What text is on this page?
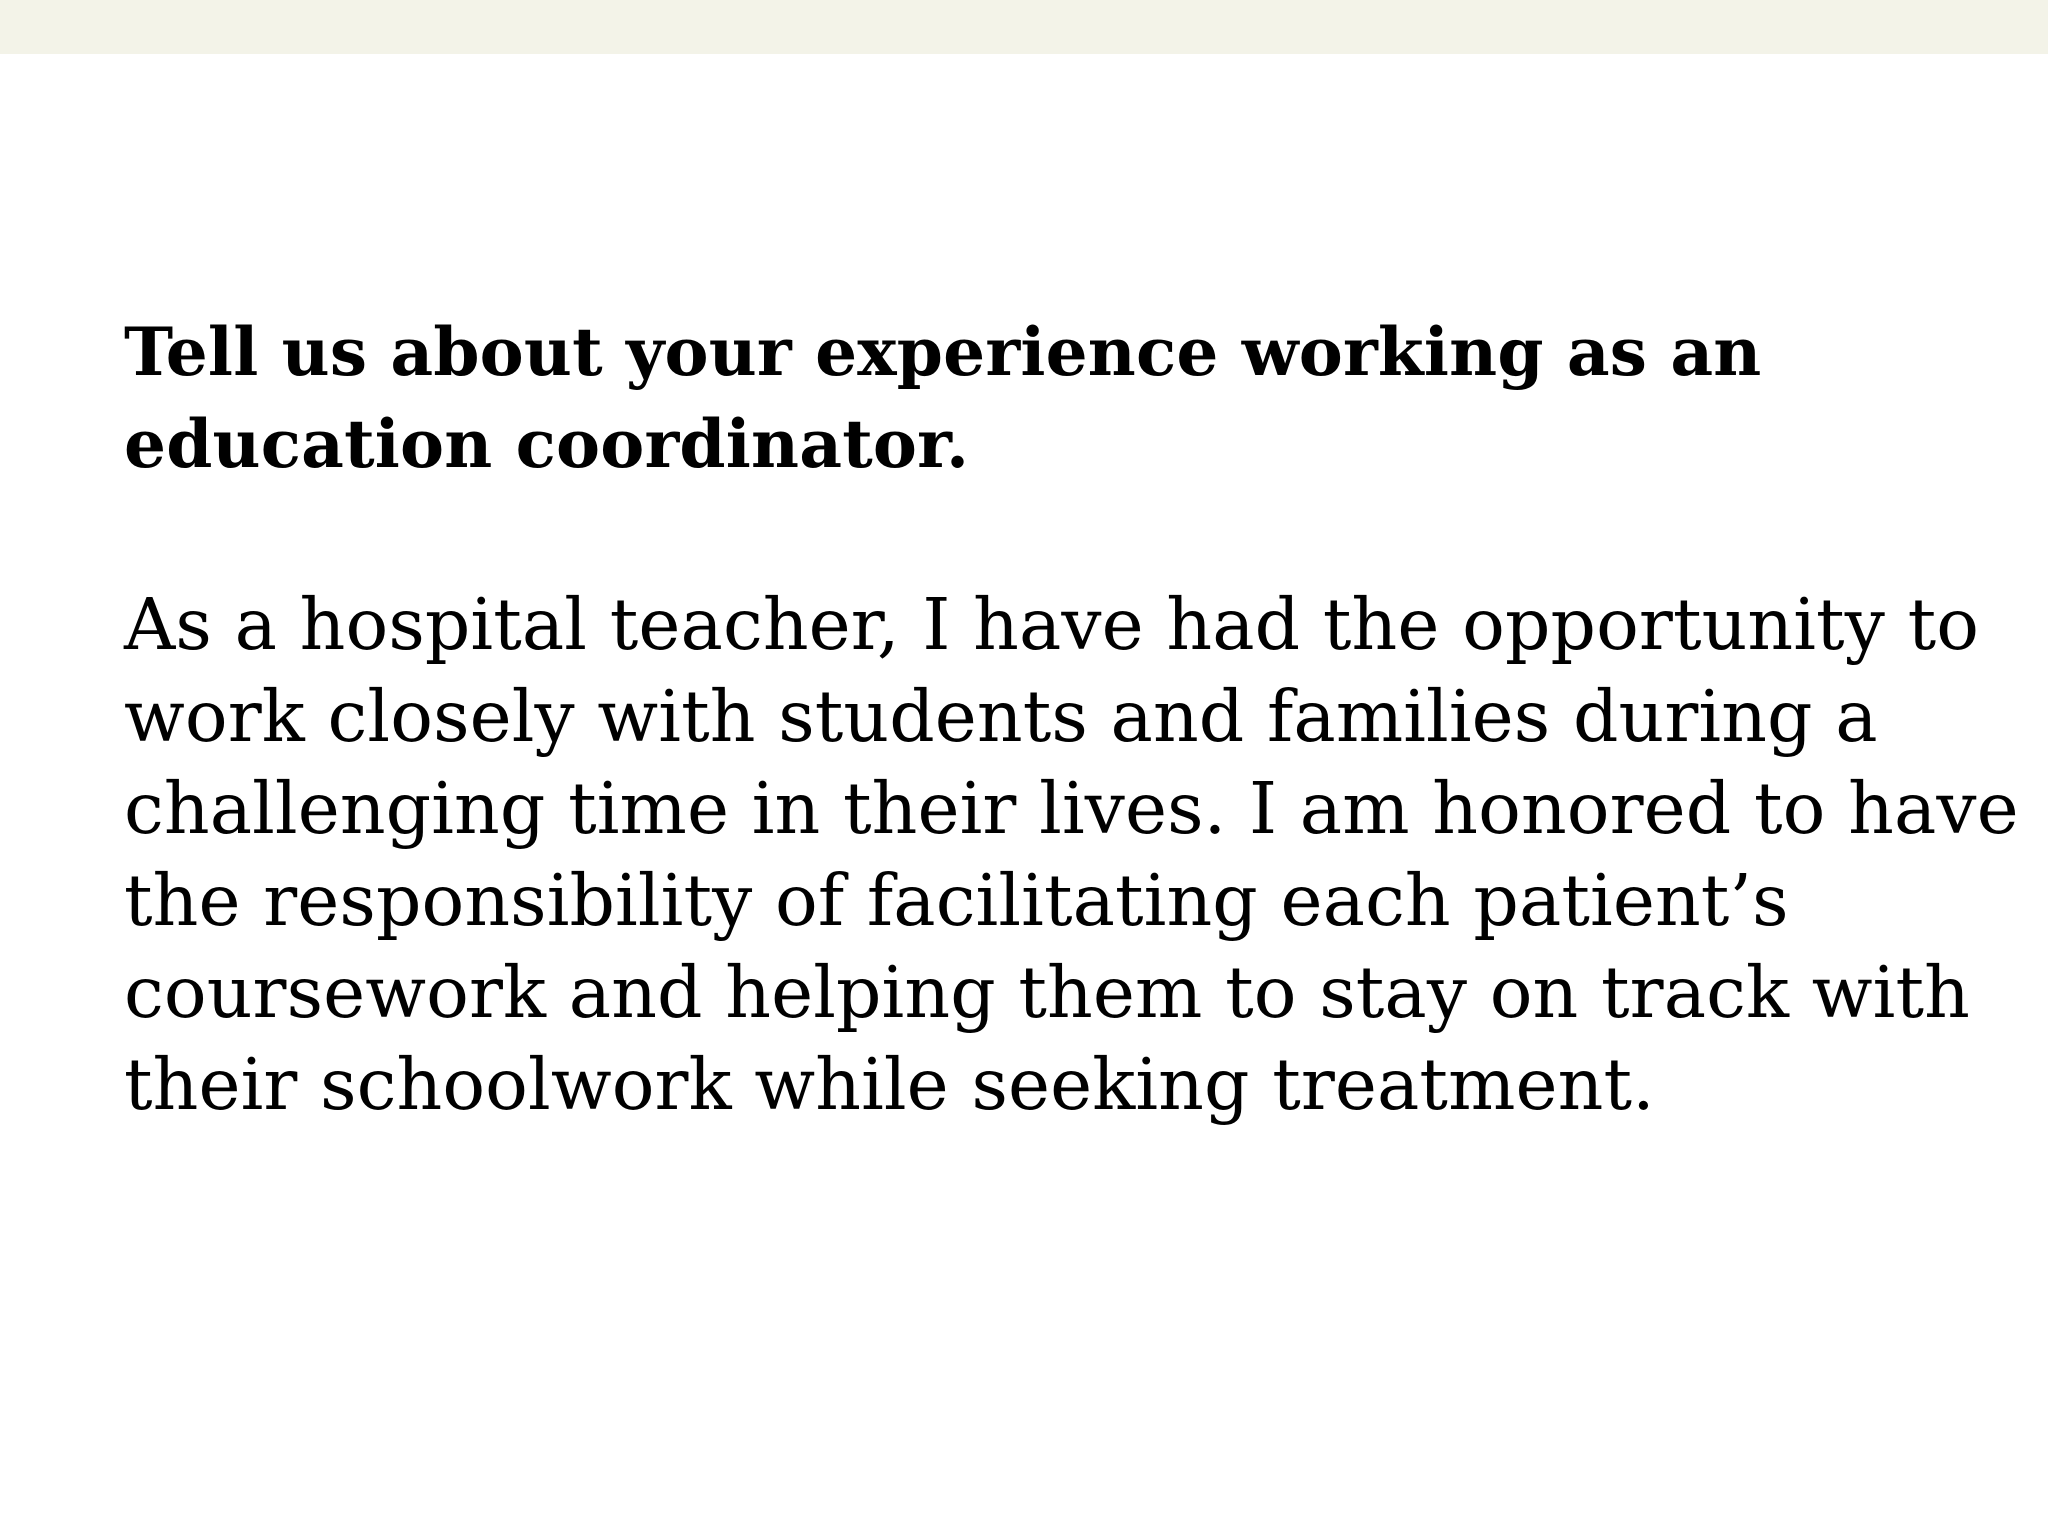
Tell us about your experience working as an
education coordinator.

As a hospital teacher, I have had the opportunity to
work closely with students and families during a
challenging time in their lives. I am honored to have
the responsibility of facilitating each patient’s
coursework and helping them to stay on track with
their schoolwork while seeking treatment.
